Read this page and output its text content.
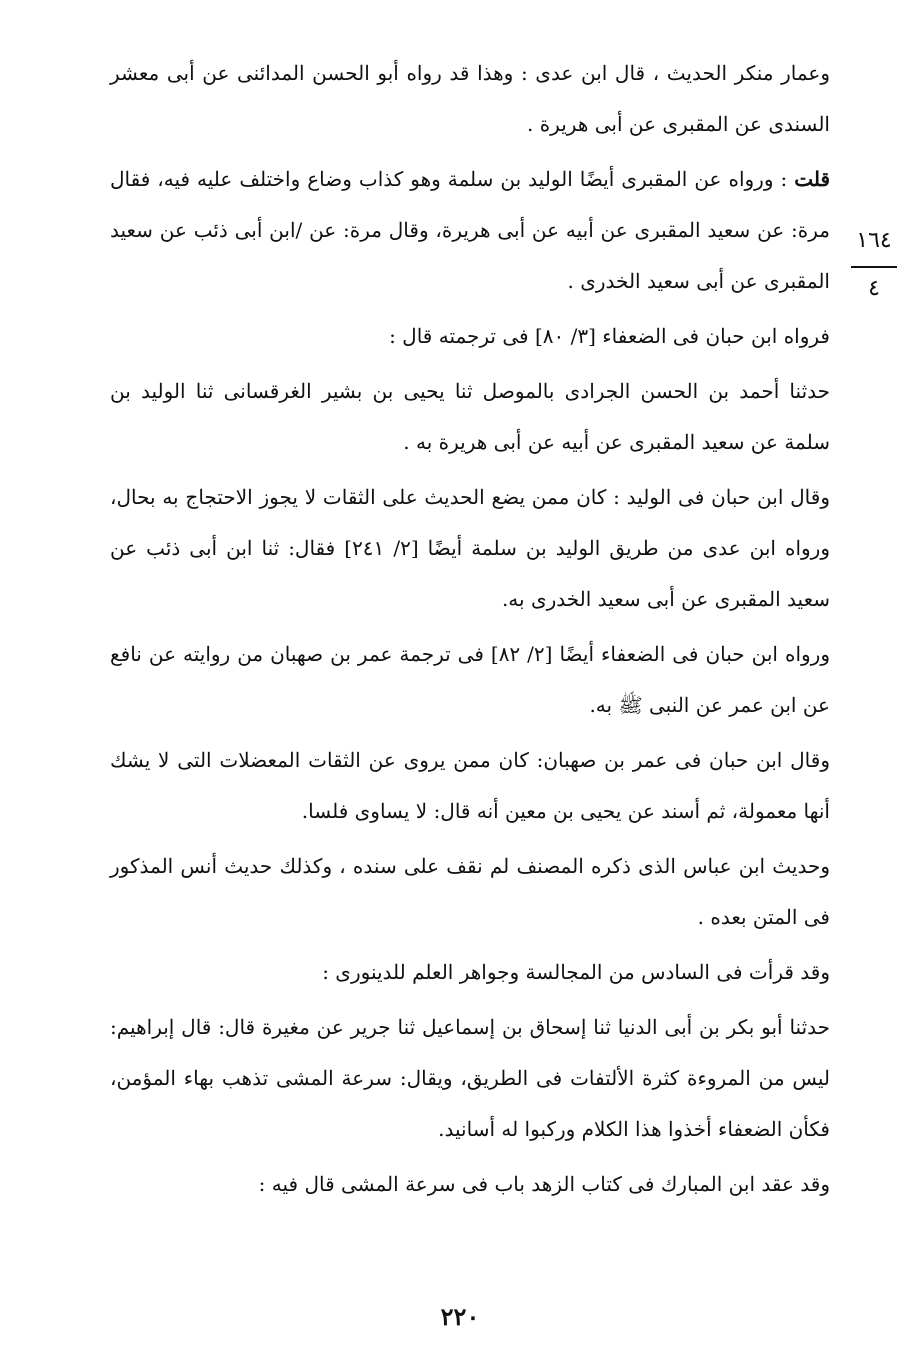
وعمار منكر الحديث ، قال ابن عدى : وهذا قد رواه أبو الحسن المدائنى عن أبى معشر السندى عن المقبرى عن أبى هريرة .

قلت : ورواه عن المقبرى أيضًا الوليد بن سلمة وهو كذاب وضاع واختلف عليه فيه، فقال مرة: عن سعيد المقبرى عن أبيه عن أبى هريرة، وقال مرة: عن /ابن أبى ذئب عن سعيد المقبرى عن أبى سعيد الخدرى .

فرواه ابن حبان فى الضعفاء [٣/ ٨٠] فى ترجمته قال :

حدثنا أحمد بن الحسن الجرادى بالموصل ثنا يحيى بن بشير الغرقسانى ثنا الوليد بن سلمة عن سعيد المقبرى عن أبيه عن أبى هريرة به .

وقال ابن حبان فى الوليد : كان ممن يضع الحديث على الثقات لا يجوز الاحتجاج به بحال، ورواه ابن عدى من طريق الوليد بن سلمة أيضًا [٢/ ٢٤١] فقال: ثنا ابن أبى ذئب عن سعيد المقبرى عن أبى سعيد الخدرى به.

ورواه ابن حبان فى الضعفاء أيضًا [٢/ ٨٢] فى ترجمة عمر بن صهبان من روايته عن نافع عن ابن عمر عن النبى ﷺ به.

وقال ابن حبان فى عمر بن صهبان: كان ممن يروى عن الثقات المعضلات التى لا يشك أنها معمولة، ثم أسند عن يحيى بن معين أنه قال: لا يساوى فلسا.

وحديث ابن عباس الذى ذكره المصنف لم نقف على سنده ، وكذلك حديث أنس المذكور فى المتن بعده .

وقد قرأت فى السادس من المجالسة وجواهر العلم للدينورى :

حدثنا أبو بكر بن أبى الدنيا ثنا إسحاق بن إسماعيل ثنا جرير عن مغيرة قال: قال إبراهيم: ليس من المروءة كثرة الألتفات فى الطريق، ويقال: سرعة المشى تذهب بهاء المؤمن، فكأن الضعفاء أخذوا هذا الكلام وركبوا له أسانيد.

وقد عقد ابن المبارك فى كتاب الزهد باب فى سرعة المشى قال فيه :

١٦٤
٤
٢٢٠
